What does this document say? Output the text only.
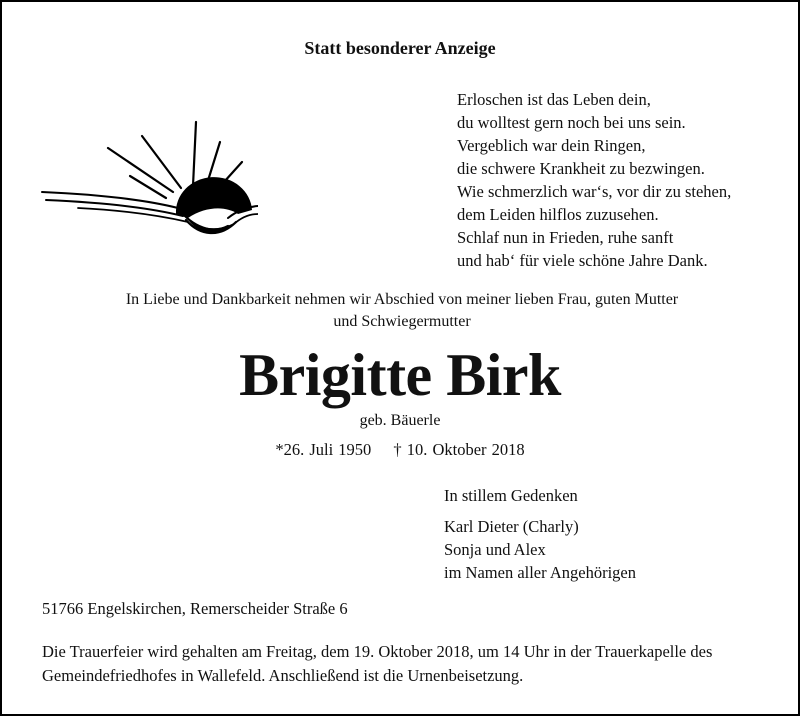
Statt besonderer Anzeige
Erloschen ist das Leben dein,
du wolltest gern noch bei uns sein.
Vergeblich war dein Ringen,
die schwere Krankheit zu bezwingen.
Wie schmerzlich war‘s, vor dir zu stehen,
dem Leiden hilflos zuzusehen.
Schlaf nun in Frieden, ruhe sanft
und hab‘ für viele schöne Jahre Dank.
In Liebe und Dankbarkeit nehmen wir Abschied von meiner lieben Frau, guten Mutter
und Schwiegermutter
Brigitte Birk
geb. Bäuerle
*26. Juli 1950 † 10. Oktober 2018
In stillem Gedenken
Karl Dieter (Charly)
Sonja und Alex
im Namen aller Angehörigen
51766 Engelskirchen, Remerscheider Straße 6
Die Trauerfeier wird gehalten am Freitag, dem 19. Oktober 2018, um 14 Uhr in der Trauerkapelle des Gemeindefriedhofes in Wallefeld. Anschließend ist die Urnenbeisetzung.
